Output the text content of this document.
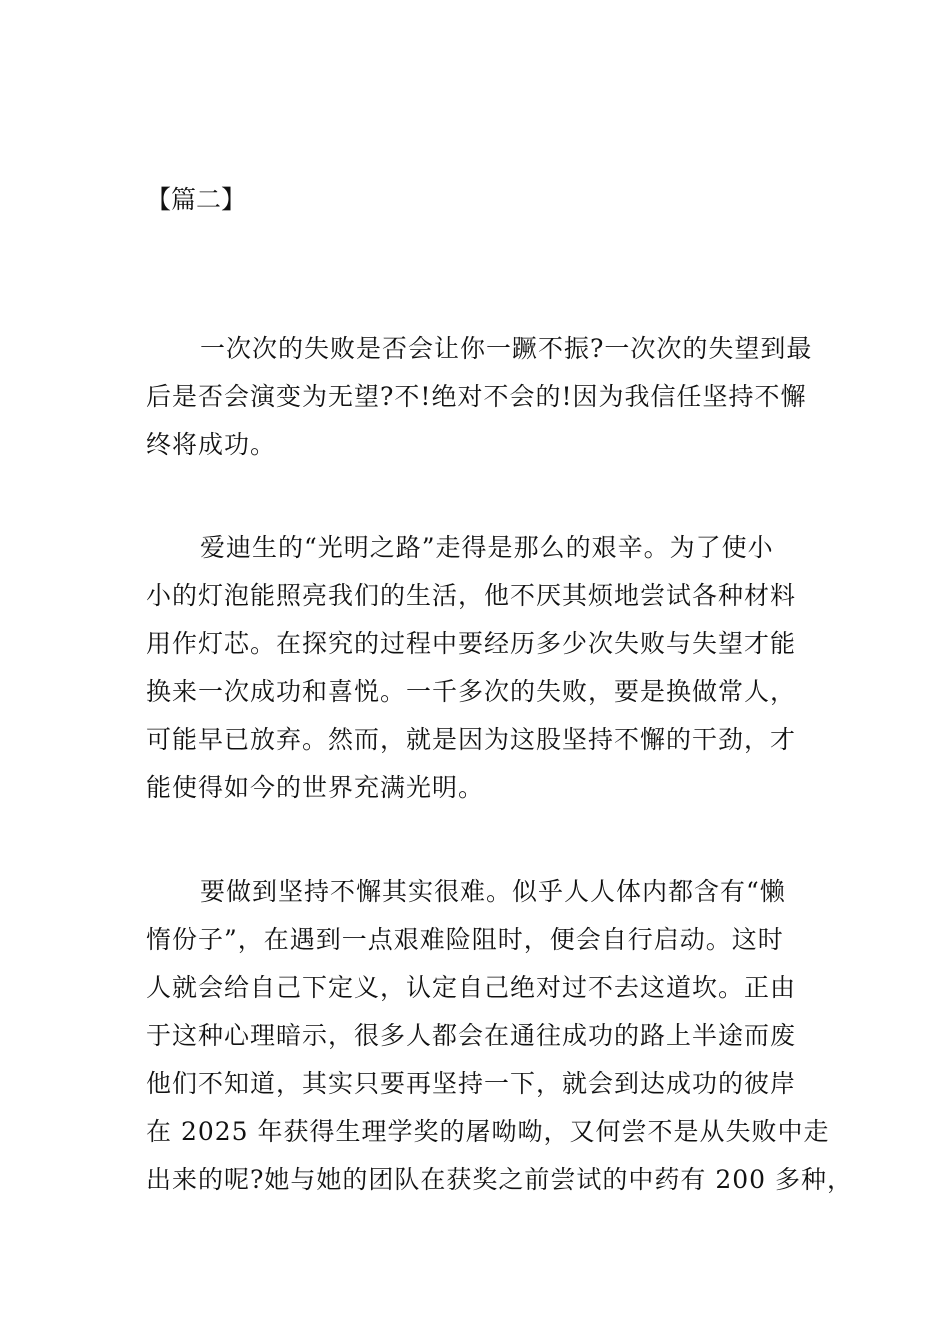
【篇二】
一次次的失败是否会让你一蹶不振?一次次的失望到最
后是否会演变为无望?不!绝对不会的!因为我信任坚持不懈
终将成功。
爱迪生的“光明之路”走得是那么的艰辛。为了使小
小的灯泡能照亮我们的生活，他不厌其烦地尝试各种材料
用作灯芯。在探究的过程中要经历多少次失败与失望才能
换来一次成功和喜悦。一千多次的失败，要是换做常人，
可能早已放弃。然而，就是因为这股坚持不懈的干劲，才
能使得如今的世界充满光明。
要做到坚持不懈其实很难。似乎人人体内都含有“懒
惰份子”，在遇到一点艰难险阻时，便会自行启动。这时
人就会给自己下定义，认定自己绝对过不去这道坎。正由
于这种心理暗示，很多人都会在通往成功的路上半途而废
他们不知道，其实只要再坚持一下，就会到达成功的彼岸
在 2025 年获得生理学奖的屠呦呦，又何尝不是从失败中走
出来的呢?她与她的团队在获奖之前尝试的中药有 200 多种，
